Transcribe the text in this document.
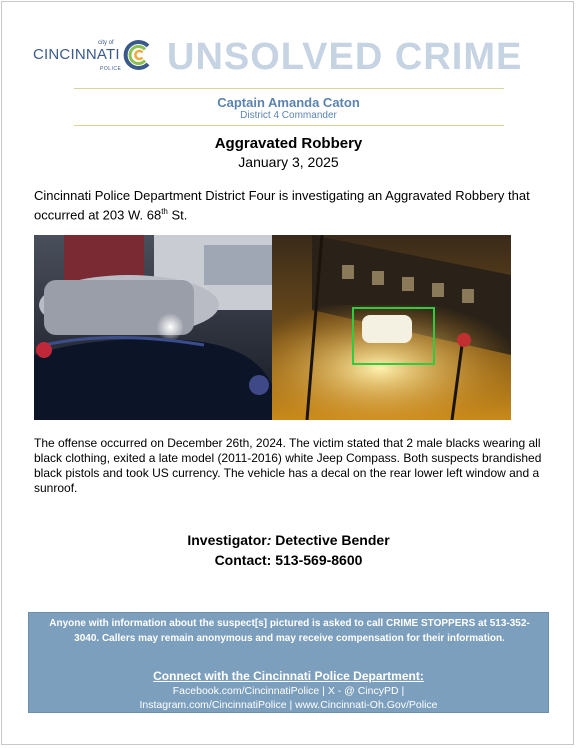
CINCINNATI
city of
POLICE UNSOLVED CRIME
Captain Amanda Caton
District 4 Commander
Aggravated Robbery
January 3, 2025
Cincinnati Police Department District Four is investigating an Aggravated Robbery that occurred at 203 W. 68th St.
The offense occurred on December 26th, 2024. The victim stated that 2 male blacks wearing all black clothing, exited a late model (2011-2016) white Jeep Compass. Both suspects brandished black pistols and took US currency. The vehicle has a decal on the rear lower left window and a sunroof.
Investigator: Detective Bender
Contact: 513-569-8600
Anyone with information about the suspect[s] pictured is asked to call CRIME STOPPERS at 513-352-3040. Callers may remain anonymous and may receive compensation for their information.
Connect with the Cincinnati Police Department:
Facebook.com/CincinnatiPolice | X - @ CincyPD |
Instagram.com/CincinnatiPolice | www.Cincinnati-Oh.Gov/Police
